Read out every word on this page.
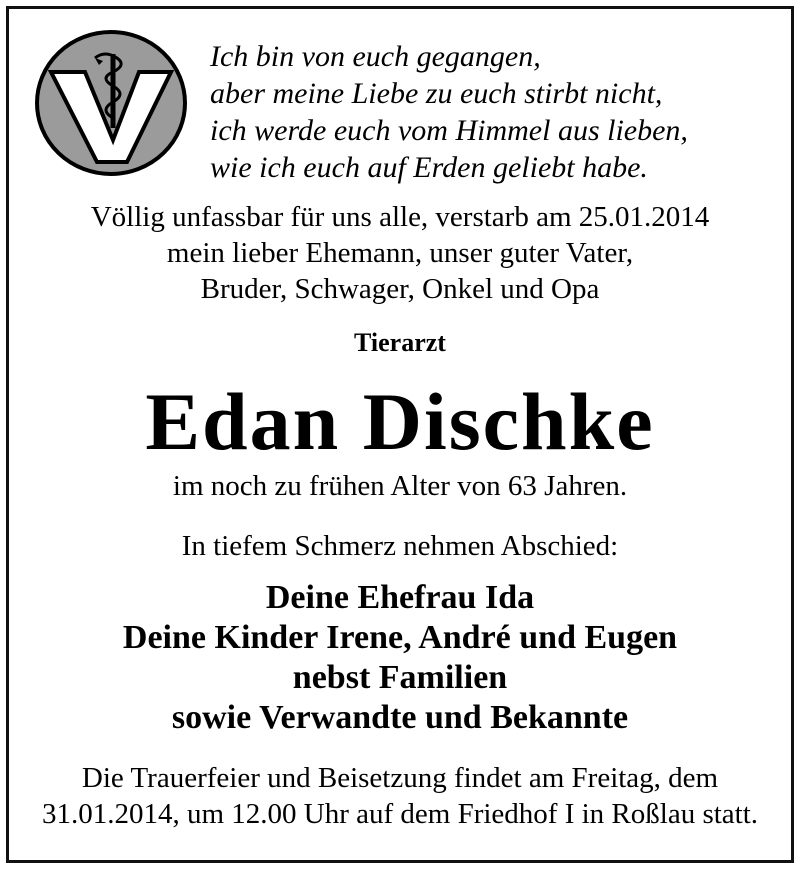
Ich bin von euch gegangen,
aber meine Liebe zu euch stirbt nicht,
ich werde euch vom Himmel aus lieben,
wie ich euch auf Erden geliebt habe.
Völlig unfassbar für uns alle, verstarb am 25.01.2014
mein lieber Ehemann, unser guter Vater,
Bruder, Schwager, Onkel und Opa
Tierarzt
Edan Dischke
im noch zu frühen Alter von 63 Jahren.
In tiefem Schmerz nehmen Abschied:
Deine Ehefrau Ida
Deine Kinder Irene, André und Eugen
nebst Familien
sowie Verwandte und Bekannte
Die Trauerfeier und Beisetzung findet am Freitag, dem
31.01.2014, um 12.00 Uhr auf dem Friedhof I in Roßlau statt.
